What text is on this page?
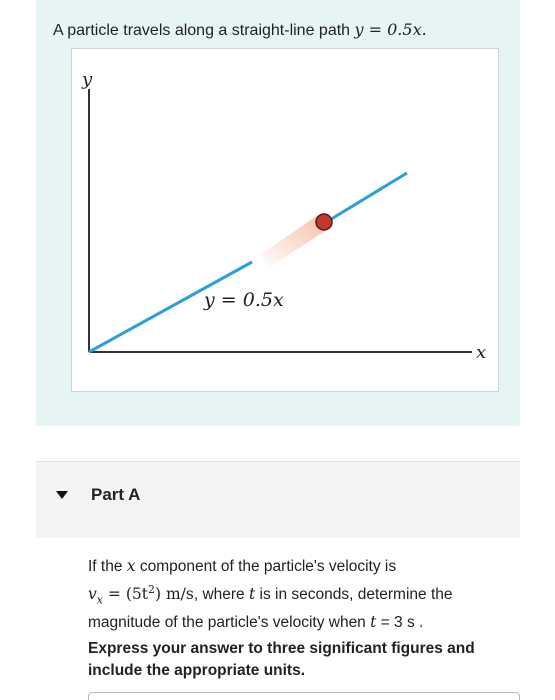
A particle travels along a straight-line path y = 0.5x.
y
x
y = 0.5x
Part A
If the x component of the particle's velocity is
$v_x = (5t^2)$ m/s, where t is in seconds, determine the
magnitude of the particle's velocity when t = 3 s .
Express your answer to three significant figures and include the appropriate units.
